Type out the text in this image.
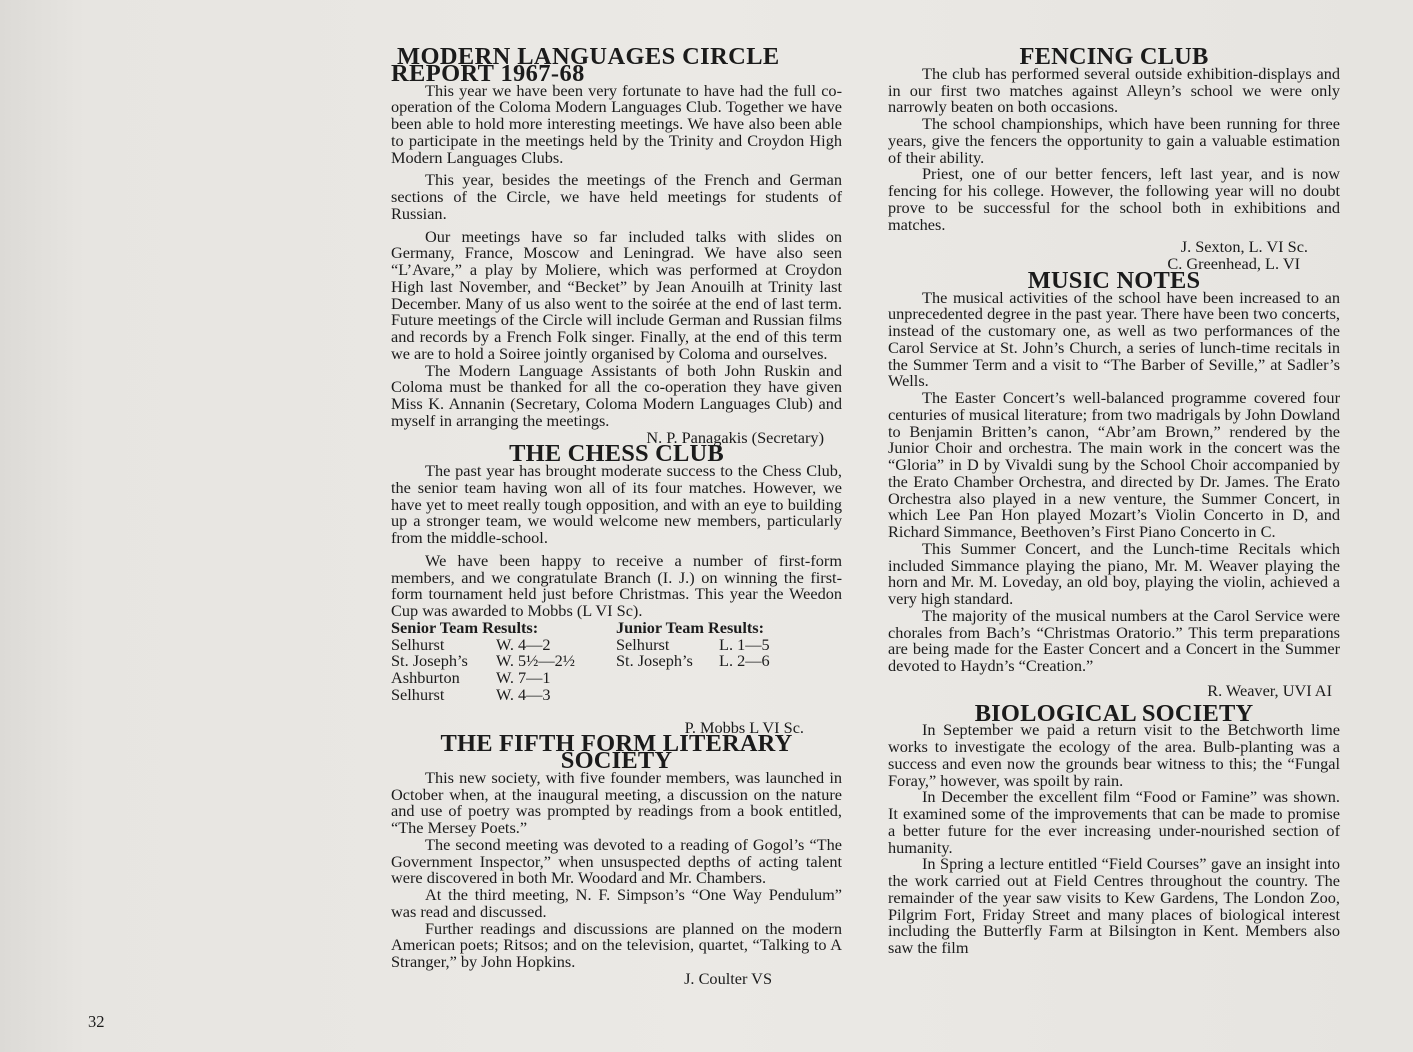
MODERN LANGUAGES CIRCLE REPORT 1967-68

This year we have been very fortunate to have had the full co-operation of the Coloma Modern Languages Club. Together we have been able to hold more interesting meetings. We have also been able to participate in the meetings held by the Trinity and Croydon High Modern Languages Clubs.

This year, besides the meetings of the French and German sections of the Circle, we have held meetings for students of Russian.

Our meetings have so far included talks with slides on Germany, France, Moscow and Leningrad. We have also seen “L’Avare,” a play by Moliere, which was performed at Croydon High last November, and “Becket” by Jean Anouilh at Trinity last December. Many of us also went to the soirée at the end of last term. Future meetings of the Circle will include German and Russian films and records by a French Folk singer. Finally, at the end of this term we are to hold a Soiree jointly organised by Coloma and ourselves.

The Modern Language Assistants of both John Ruskin and Coloma must be thanked for all the co-operation they have given Miss K. Annanin (Secretary, Coloma Modern Languages Club) and myself in arranging the meetings.

N. P. Panagakis (Secretary)

THE CHESS CLUB

The past year has brought moderate success to the Chess Club, the senior team having won all of its four matches. However, we have yet to meet really tough opposition, and with an eye to building up a stronger team, we would welcome new members, particularly from the middle-school.

We have been happy to receive a number of first-form members, and we congratulate Branch (I. J.) on winning the first-form tournament held just before Christmas. This year the Weedon Cup was awarded to Mobbs (L VI Sc).

Senior Team Results:
Selhurst	W. 4—2
St. Joseph’s	W. 5½—2½
Ashburton	W. 7—1
Selhurst	W. 4—3
Junior Team Results:
Selhurst	L. 1—5
St. Joseph’s	L. 2—6

P. Mobbs L VI Sc.

THE FIFTH FORM LITERARY SOCIETY

This new society, with five founder members, was launched in October when, at the inaugural meeting, a discussion on the nature and use of poetry was prompted by readings from a book entitled, “The Mersey Poets.”

The second meeting was devoted to a reading of Gogol’s “The Government Inspector,” when unsuspected depths of acting talent were discovered in both Mr. Woodard and Mr. Chambers.

At the third meeting, N. F. Simpson’s “One Way Pendulum” was read and discussed.

Further readings and discussions are planned on the modern American poets; Ritsos; and on the television, quartet, “Talking to A Stranger,” by John Hopkins.

J. Coulter VS

FENCING CLUB

The club has performed several outside exhibition-displays and in our first two matches against Alleyn’s school we were only narrowly beaten on both occasions.

The school championships, which have been running for three years, give the fencers the opportunity to gain a valuable estimation of their ability.

Priest, one of our better fencers, left last year, and is now fencing for his college. However, the following year will no doubt prove to be successful for the school both in exhibitions and matches.

J. Sexton, L. VI Sc.

C. Greenhead, L. VI

MUSIC NOTES

The musical activities of the school have been increased to an unprecedented degree in the past year. There have been two concerts, instead of the customary one, as well as two performances of the Carol Service at St. John’s Church, a series of lunch-time recitals in the Summer Term and a visit to “The Barber of Seville,” at Sadler’s Wells.

The Easter Concert’s well-balanced programme covered four centuries of musical literature; from two madrigals by John Dowland to Benjamin Britten’s canon, “Abr’am Brown,” rendered by the Junior Choir and orchestra. The main work in the concert was the “Gloria” in D by Vivaldi sung by the School Choir accompanied by the Erato Chamber Orchestra, and directed by Dr. James. The Erato Orchestra also played in a new venture, the Summer Concert, in which Lee Pan Hon played Mozart’s Violin Concerto in D, and Richard Simmance, Beethoven’s First Piano Concerto in C.

This Summer Concert, and the Lunch-time Recitals which included Simmance playing the piano, Mr. M. Weaver playing the horn and Mr. M. Loveday, an old boy, playing the violin, achieved a very high standard.

The majority of the musical numbers at the Carol Service were chorales from Bach’s “Christmas Oratorio.” This term preparations are being made for the Easter Concert and a Concert in the Summer devoted to Haydn’s “Creation.”

R. Weaver, UVI AI

BIOLOGICAL SOCIETY

In September we paid a return visit to the Betchworth lime works to investigate the ecology of the area. Bulb-planting was a success and even now the grounds bear witness to this; the “Fungal Foray,” however, was spoilt by rain.

In December the excellent film “Food or Famine” was shown. It examined some of the improvements that can be made to promise a better future for the ever increasing under-nourished section of humanity.

In Spring a lecture entitled “Field Courses” gave an insight into the work carried out at Field Centres throughout the country. The remainder of the year saw visits to Kew Gardens, The London Zoo, Pilgrim Fort, Friday Street and many places of biological interest including the Butterfly Farm at Bilsington in Kent. Members also saw the film

32
